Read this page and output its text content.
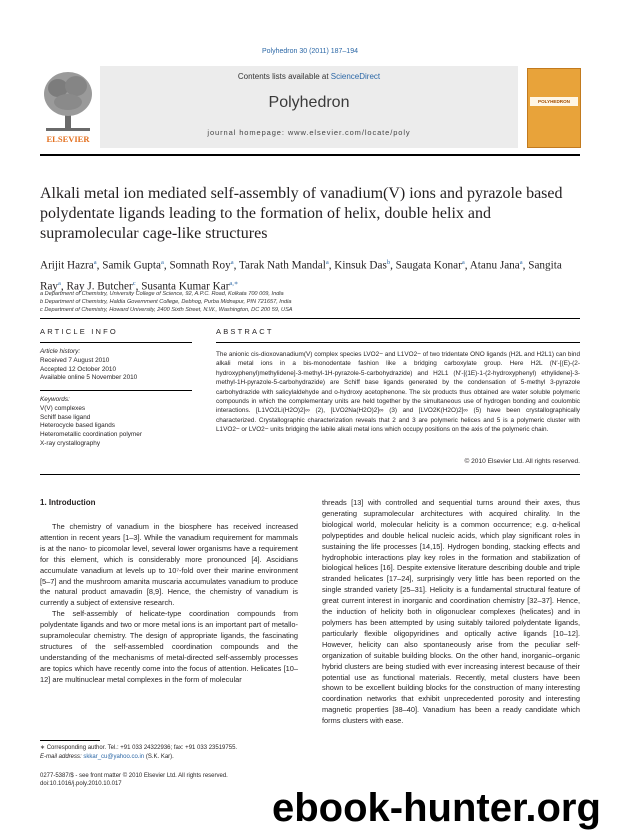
Polyhedron 30 (2011) 187–194
ELSEVIER
Contents lists available at ScienceDirect
Polyhedron
journal homepage: www.elsevier.com/locate/poly
POLYHEDRON
Alkali metal ion mediated self-assembly of vanadium(V) ions and pyrazole based polydentate ligands leading to the formation of helix, double helix and supramolecular cage-like structures
Arijit Hazra$^a$, Samik Gupta$^a$, Somnath Roy$^a$, Tarak Nath Mandal$^a$, Kinsuk Das$^b$, Saugata Konar$^a$, Atanu Jana$^a$, Sangita Ray$^a$, Ray J. Butcher$^c$, Susanta Kumar Kar$^{a,∗}$
a Department of Chemistry, University College of Science, 92, A.P.C. Road, Kolkata 700 009, India
b Department of Chemistry, Haldia Government College, Debhog, Purba Midnapur, PIN 721657, India
c Department of Chemistry, Howard University, 2400 Sixth Street, N.W., Washington, DC 200 59, USA
ARTICLE INFO
Article history:
Received 7 August 2010
Accepted 12 October 2010
Available online 5 November 2010
Keywords:
V(V) complexes
Schiff base ligand
Heterocycle based ligands
Heterometallic coordination polymer
X-ray crystallography
ABSTRACT
The anionic cis-dioxovanadium(V) complex species LVO2− and L1VO2− of two tridentate ONO ligands (H2L and H2L1) can bind alkali metal ions in a bis-monodentate fashion like a bridging carboxylate group. Here H2L (N′-[(E)-(2-hydroxyphenyl)methylidene]-3-methyl-1H-pyrazole-5-carbohydrazide) and H2L1 (N′-[(1E)-1-(2-hydroxyphenyl) ethylidene]-3-methyl-1H-pyrazole-5-carbohydrazide) are Schiff base ligands generated by the condensation of 5-methyl 3-pyrazole carbohydrazide with salicylaldehyde and o-hydroxy acetophenone. The six products thus obtained are water soluble polymeric compounds in which the complementary units are held together by the simultaneous use of hydrogen bonding and coulombic interactions. [L1VO2Li(H2O)2]∞ (2), [LVO2Na(H2O)2]∞ (3) and [LVO2K(H2O)2]∞ (5) have been crystallographically characterized. Crystallographic characterization reveals that 2 and 3 are polymeric helices and 5 is a polymeric cluster with L1VO2− or LVO2− units bridging the labile alkali metal ions which occupy positions on the axis of the polymeric chain.
© 2010 Elsevier Ltd. All rights reserved.
1. Introduction

The chemistry of vanadium in the biosphere has received increased attention in recent years [1–3]. While the vanadium requirement for mammals is at the nano- to picomolar level, several lower organisms have a requirement for this element, which is considerably more pronounced [4]. Ascidians accumulate vanadium at levels up to 10⁷-fold over their marine environment [5–7] and the mushroom amanita muscaria accumulates vanadium to produce the natural product amavadin [8,9]. Hence, the chemistry of vanadium is currently a subject of extensive research.

The self-assembly of helicate-type coordination compounds from polydentate ligands and two or more metal ions is an important part of metallo-supramolecular chemistry. The design of appropriate ligands, the fascinating structures of the self-assembled coordination compounds and the understanding of the mechanisms of metal-directed self-assembly processes are topics which have recently come into the focus of attention. Helicates [10–12] are multinuclear metal complexes in the form of molecular

threads [13] with controlled and sequential turns around their axes, thus generating supramolecular architectures with acquired chirality. In the biological world, molecular helicity is a common occurrence; e.g. α-helical polypeptides and double helical nucleic acids, which play significant roles in sustaining the life processes [14,15]. Hydrogen bonding, stacking effects and hydrophobic interactions play key roles in the formation and stabilization of biological helices [16]. Despite extensive literature describing double and triple stranded helicates [17–24], surprisingly very little has been reported on the single stranded variety [25–31]. Helicity is a fundamental structural feature of great current interest in inorganic and coordination chemistry [32–37]. Hence, the induction of helicity both in oligonuclear complexes (helicates) and in polymers has been attempted by using suitably tailored polydentate ligands, particularly flexible oligopyridines and optically active ligands [10–12]. However, helicity can also spontaneously arise from the peculiar self-organization of suitable building blocks. On the other hand, inorganic–organic hybrid clusters are being studied with ever increasing interest because of their potential use as functional materials. Recently, metal clusters have been shown to be excellent building blocks for the construction of many interesting coordination networks that exhibit unprecedented porosity and interesting magnetic properties [38–40]. Vanadium has been a ready candidate which forms clusters with ease.

∗ Corresponding author. Tel.: +91 033 24322936; fax: +91 033 23519755.
E-mail address: skkar_cu@yahoo.co.in (S.K. Kar).
0277-5387/$ - see front matter © 2010 Elsevier Ltd. All rights reserved.
doi:10.1016/j.poly.2010.10.017
ebook-hunter.org
